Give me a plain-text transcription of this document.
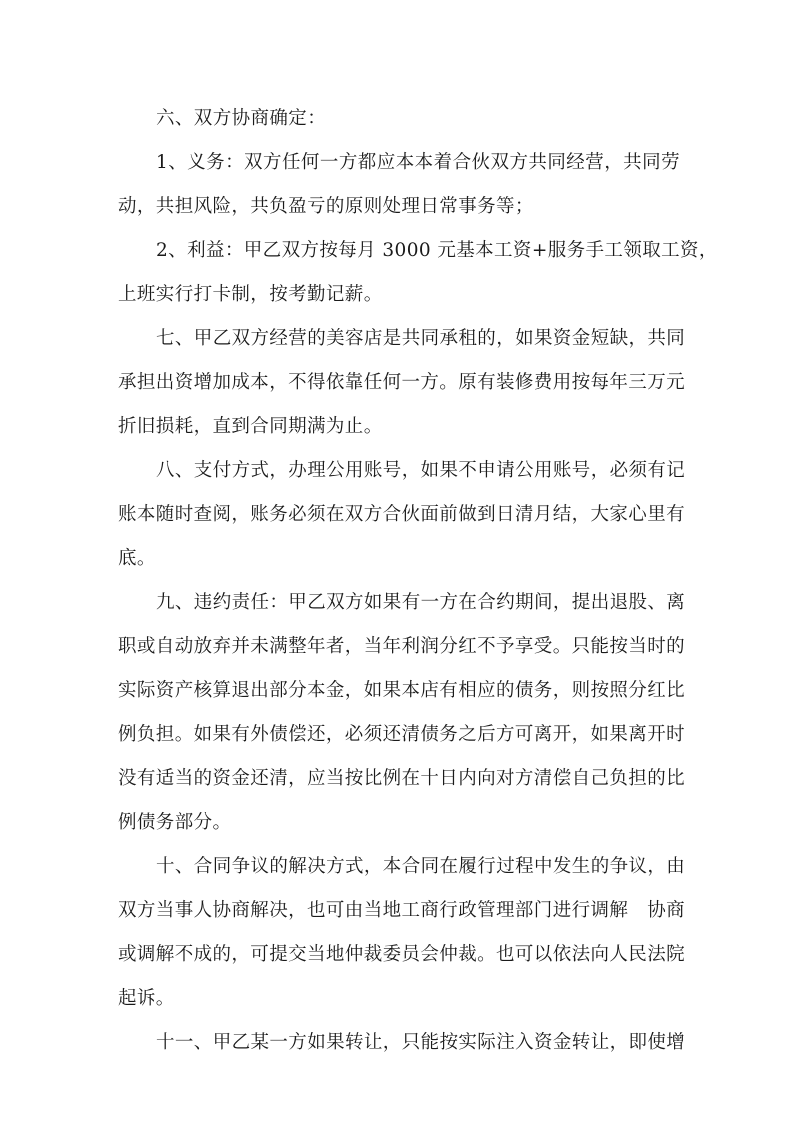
六、双方协商确定：
1、义务：双方任何一方都应本本着合伙双方共同经营，共同劳
动，共担风险，共负盈亏的原则处理日常事务等；
2、利益：甲乙双方按每月 3000 元基本工资+服务手工领取工资，
上班实行打卡制，按考勤记薪。
七、甲乙双方经营的美容店是共同承租的，如果资金短缺，共同
承担出资增加成本，不得依靠任何一方。原有装修费用按每年三万元
折旧损耗，直到合同期满为止。
八、支付方式，办理公用账号，如果不申请公用账号，必须有记
账本随时查阅，账务必须在双方合伙面前做到日清月结，大家心里有
底。
九、违约责任：甲乙双方如果有一方在合约期间，提出退股、离
职或自动放弃并未满整年者，当年利润分红不予享受。只能按当时的
实际资产核算退出部分本金，如果本店有相应的债务，则按照分红比
例负担。如果有外债偿还，必须还清债务之后方可离开，如果离开时
没有适当的资金还清，应当按比例在十日内向对方清偿自己负担的比
例债务部分。
十、合同争议的解决方式，本合同在履行过程中发生的争议，由
双方当事人协商解决，也可由当地工商行政管理部门进行调解　协商
或调解不成的，可提交当地仲裁委员会仲裁。也可以依法向人民法院
起诉。
十一、甲乙某一方如果转让，只能按实际注入资金转让，即使增
